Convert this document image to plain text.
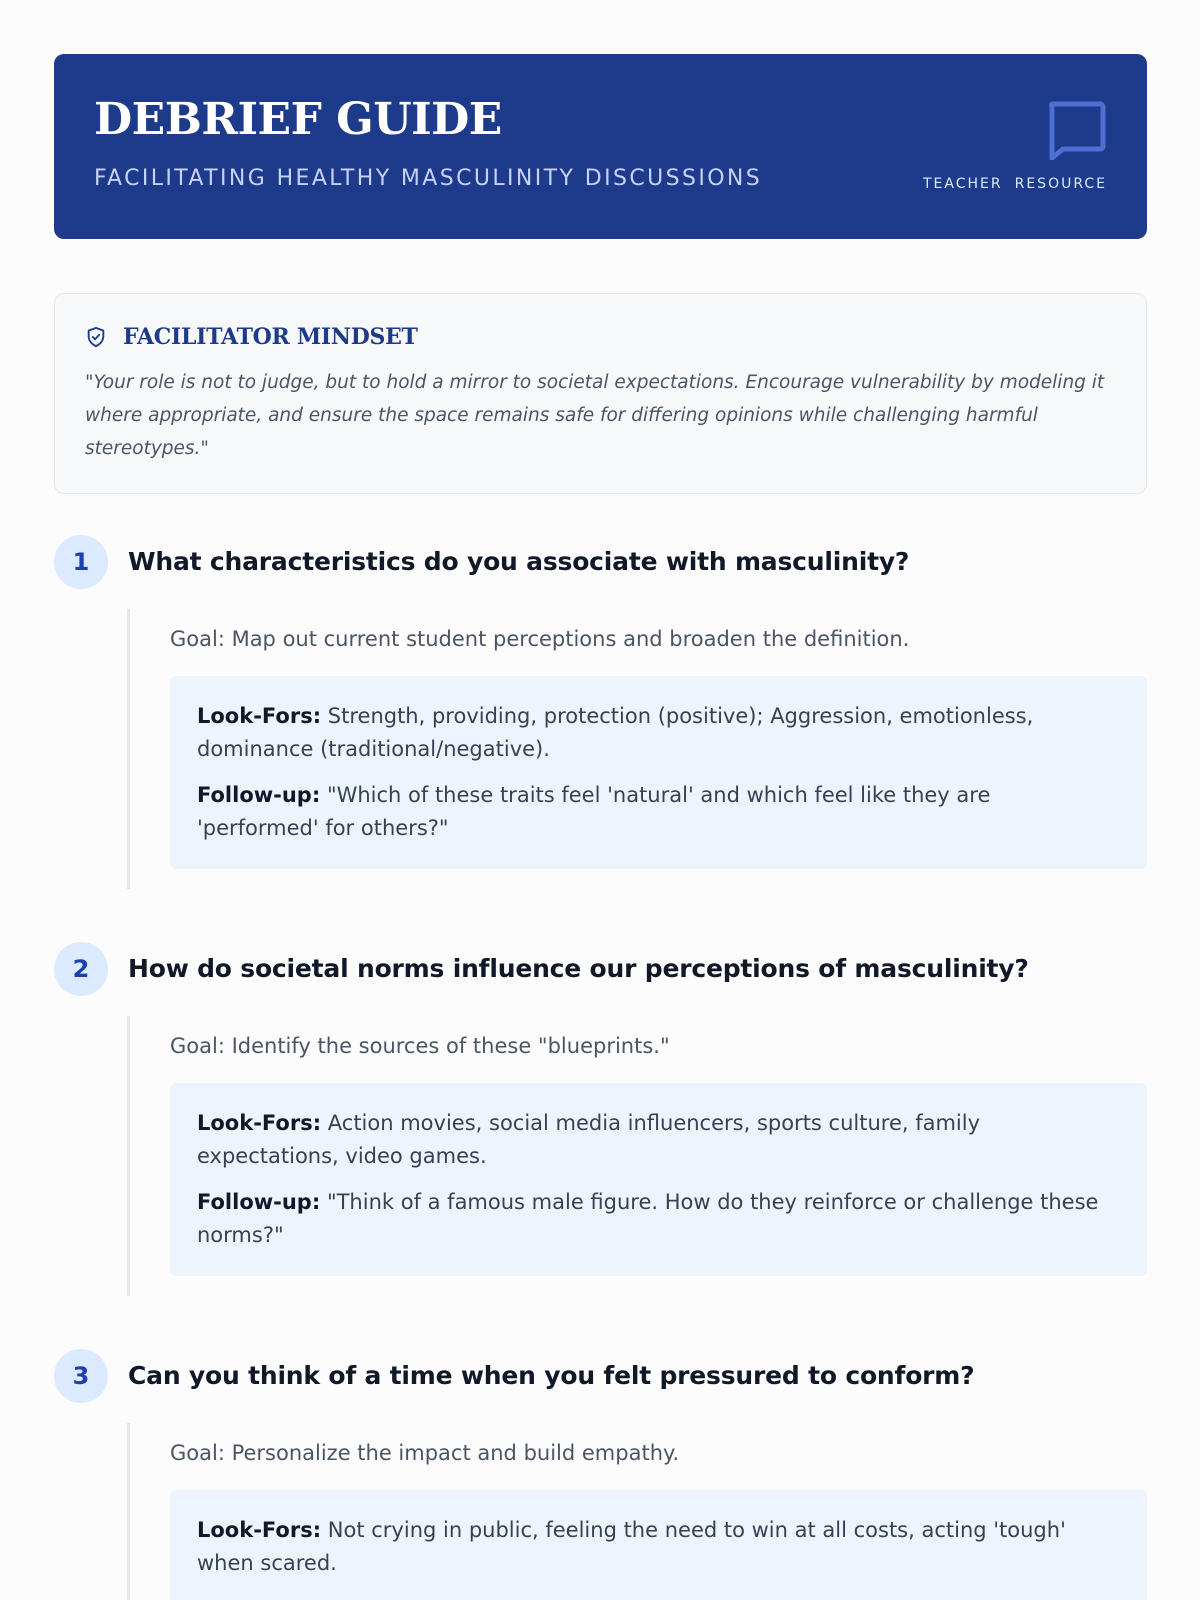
DEBRIEF GUIDE
FACILITATING HEALTHY MASCULINITY DISCUSSIONS	TEACHER RESOURCE
FACILITATOR MINDSET

"Your role is not to judge, but to hold a mirror to societal expectations. Encourage vulnerability by modeling it where appropriate, and ensure the space remains safe for differing opinions while challenging harmful stereotypes."

1	What characteristics do you associate with masculinity?
Goal: Map out current student perceptions and broaden the definition.

Look-Fors: Strength, providing, protection (positive); Aggression, emotionless, dominance (traditional/negative).

Follow-up: "Which of these traits feel 'natural' and which feel like they are 'performed' for others?"

2	How do societal norms influence our perceptions of masculinity?
Goal: Identify the sources of these "blueprints."

Look-Fors: Action movies, social media influencers, sports culture, family expectations, video games.

Follow-up: "Think of a famous male figure. How do they reinforce or challenge these norms?"

3	Can you think of a time when you felt pressured to conform?
Goal: Personalize the impact and build empathy.

Look-Fors: Not crying in public, feeling the need to win at all costs, acting 'tough' when scared.
